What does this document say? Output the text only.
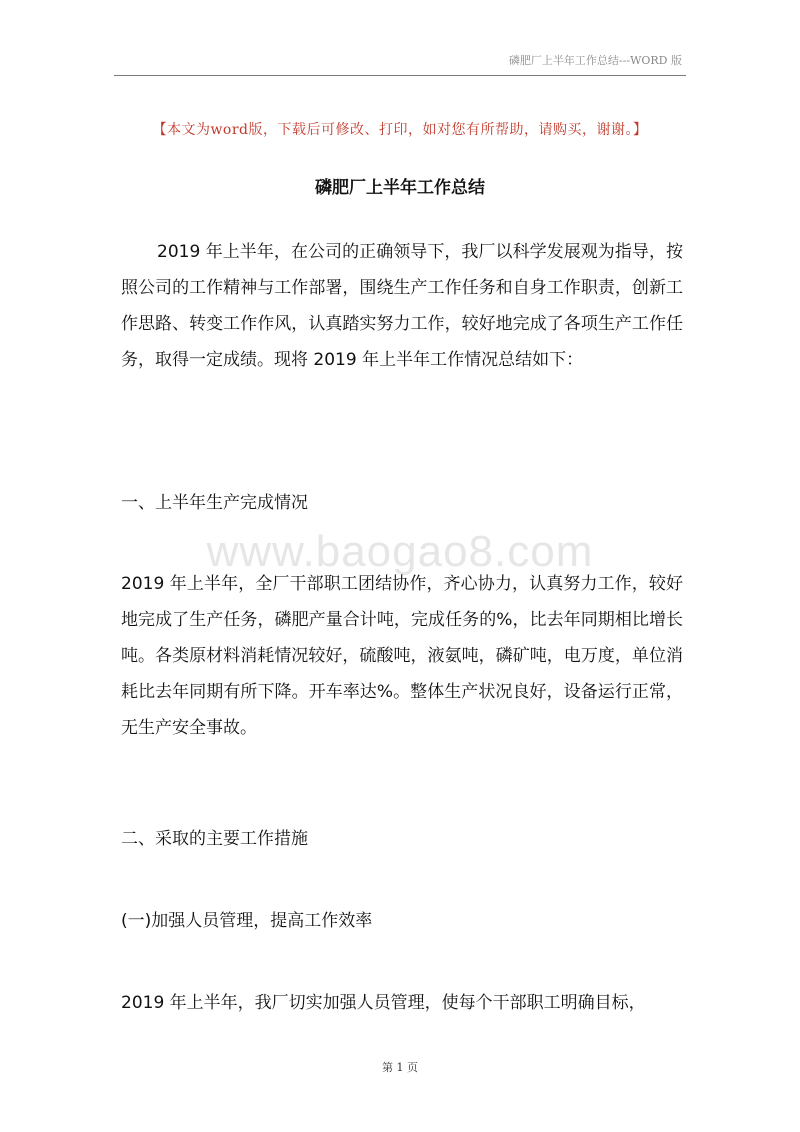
磷肥厂上半年工作总结---WORD 版
【本文为word版，下载后可修改、打印，如对您有所帮助，请购买，谢谢。】
磷肥厂上半年工作总结
www.baogao8.com
2019 年上半年，在公司的正确领导下，我厂以科学发展观为指导，按照公司的工作精神与工作部署，围绕生产工作任务和自身工作职责，创新工作思路、转变工作作风，认真踏实努力工作，较好地完成了各项生产工作任务，取得一定成绩。现将 2019 年上半年工作情况总结如下：
一、上半年生产完成情况
2019 年上半年，全厂干部职工团结协作，齐心协力，认真努力工作，较好地完成了生产任务，磷肥产量合计吨，完成任务的%，比去年同期相比增长吨。各类原材料消耗情况较好，硫酸吨，液氨吨，磷矿吨，电万度，单位消耗比去年同期有所下降。开车率达%。整体生产状况良好，设备运行正常，无生产安全事故。
二、采取的主要工作措施
(一)加强人员管理，提高工作效率
2019 年上半年，我厂切实加强人员管理，使每个干部职工明确目标，
第 1 页
